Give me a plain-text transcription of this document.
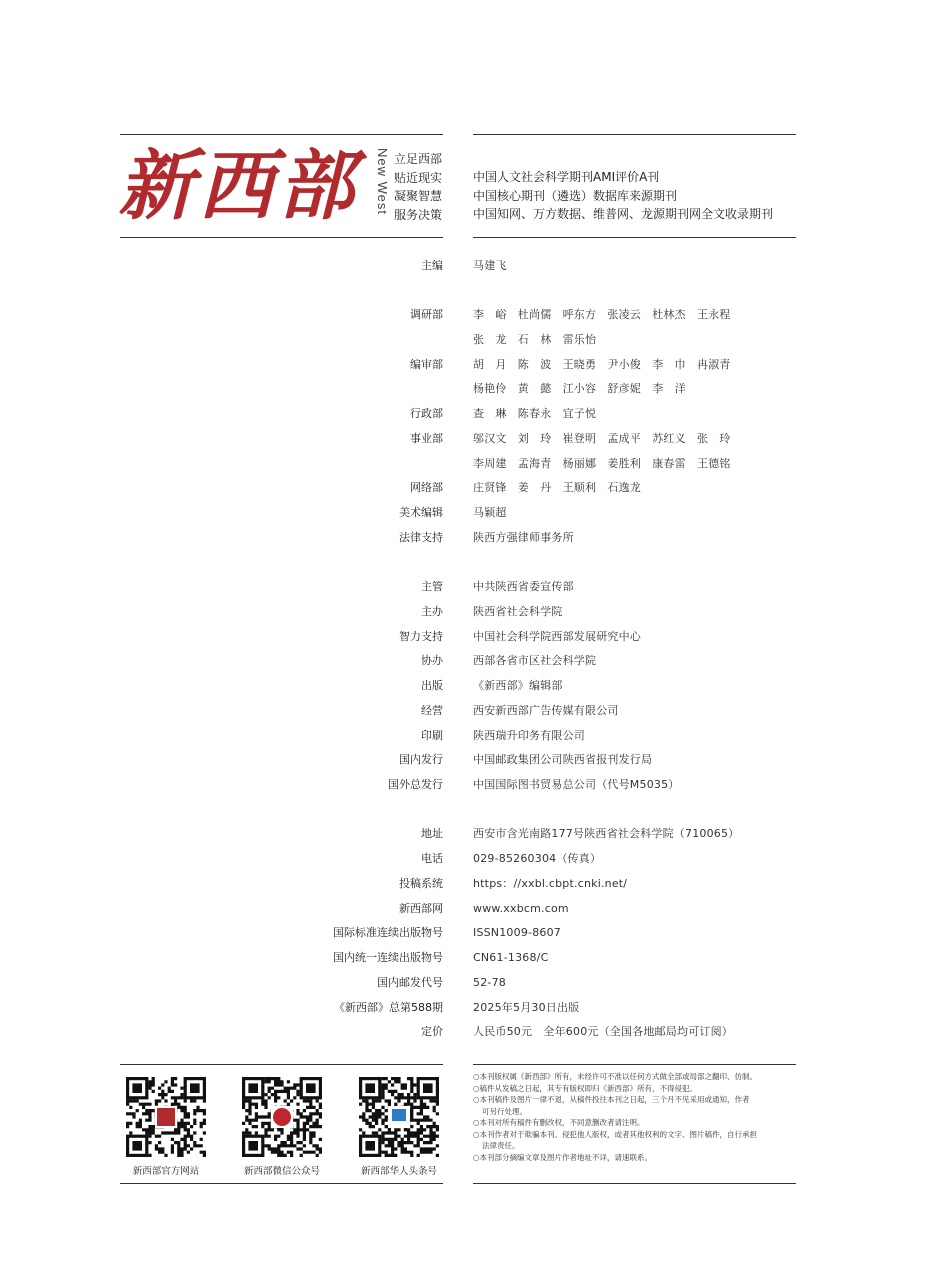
新西部	New West 立足西部
贴近现实
凝聚智慧
服务决策
中国人文社会科学期刊AMI评价A刊
中国核心期刊（遴选）数据库来源期刊
中国知网、万方数据、维普网、龙源期刊网全文收录期刊
主编	马建飞
调研部	李　峪　杜尚儒　呼东方　张凌云　杜林杰　王永程
张　龙　石　林　雷乐怡
编审部	胡　月　陈　波　王晓勇　尹小俊　李　巾　冉淑青
杨艳伶　黄　懿　江小容　舒彦妮　李　洋
行政部	查　琳　陈春永　宜子悦
事业部	邬汉文　刘　玲　崔登明　孟成平　苏红义　张　玲
李周建　孟海青　杨丽娜　姜胜利　康春雷　王德铭
网络部	庄贤锋　姜　丹　王顺利　石逸龙
美术编辑	马颖超
法律支持	陕西方强律师事务所
主管	中共陕西省委宣传部
主办	陕西省社会科学院
智力支持	中国社会科学院西部发展研究中心
协办	西部各省市区社会科学院
出版	《新西部》编辑部
经营	西安新西部广告传媒有限公司
印刷	陕西瑞升印务有限公司
国内发行	中国邮政集团公司陕西省报刊发行局
国外总发行	中国国际图书贸易总公司（代号M5035）
地址	西安市含光南路177号陕西省社会科学院（710065）
电话	029-85260304（传真）
投稿系统	https：//xxbl.cbpt.cnki.net/
新西部网	www.xxbcm.com
国际标准连续出版物号	ISSN1009-8607
国内统一连续出版物号	CN61-1368/C
国内邮发代号	52-78
《新西部》总第588期	2025年5月30日出版
定价	人民币50元　全年600元（全国各地邮局均可订阅）
新西部官方网站	新西部微信公众号	新西部华人头条号
○本刊版权属《新西部》所有，未经许可不准以任何方式做全部或局部之翻印、仿制。
○稿件从发稿之日起，其专有版权即归《新西部》所有，不得侵犯。
○本刊稿件及图片一律不退，从稿件投往本刊之日起，三个月不见采用或通知，作者
可另行处理。
○本刊对所有稿件有删改权，不同意删改者请注明。
○本刊作者对于欺骗本刊、侵犯他人版权，或者其他权利的文字、图片稿件，自行承担
法律责任。
○本刊部分摘编文章及图片作者地址不详，请速联系。
